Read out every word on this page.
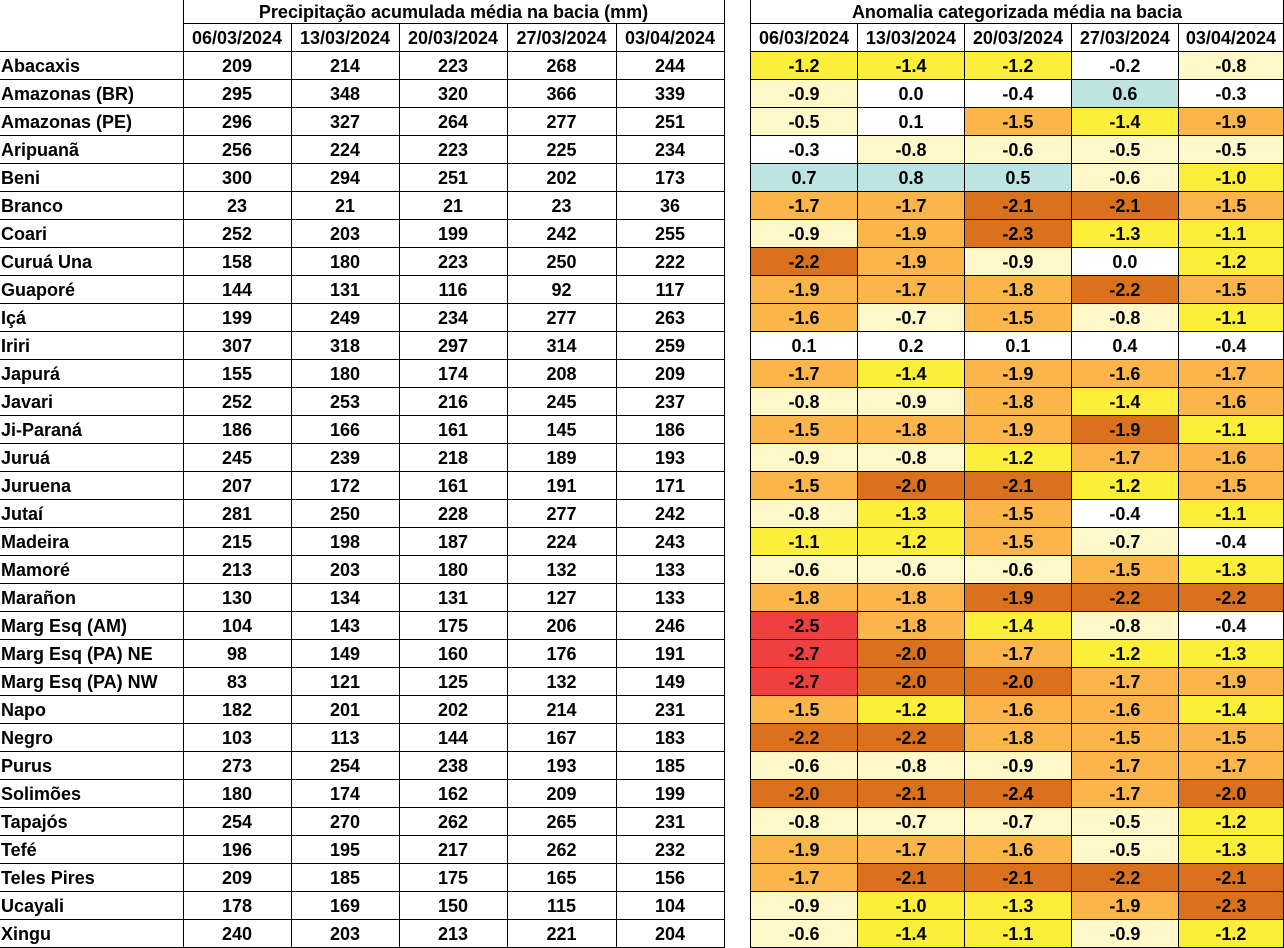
	Precipitação acumulada média na bacia (mm)				
	06/03/2024	13/03/2024	20/03/2024	27/03/2024	03/04/2024
Abacaxis	209	214	223	268	244
Amazonas (BR)	295	348	320	366	339
Amazonas (PE)	296	327	264	277	251
Aripuanã	256	224	223	225	234
Beni	300	294	251	202	173
Branco	23	21	21	23	36
Coari	252	203	199	242	255
Curuá Una	158	180	223	250	222
Guaporé	144	131	116	92	117
Içá	199	249	234	277	263
Iriri	307	318	297	314	259
Japurá	155	180	174	208	209
Javari	252	253	216	245	237
Ji-Paraná	186	166	161	145	186
Juruá	245	239	218	189	193
Juruena	207	172	161	191	171
Jutaí	281	250	228	277	242
Madeira	215	198	187	224	243
Mamoré	213	203	180	132	133
Marañon	130	134	131	127	133
Marg Esq (AM)	104	143	175	206	246
Marg Esq (PA) NE	98	149	160	176	191
Marg Esq (PA) NW	83	121	125	132	149
Napo	182	201	202	214	231
Negro	103	113	144	167	183
Purus	273	254	238	193	185
Solimões	180	174	162	209	199
Tapajós	254	270	262	265	231
Tefé	196	195	217	262	232
Teles Pires	209	185	175	165	156
Ucayali	178	169	150	115	104
Xingu	240	203	213	221	204
Anomalia categorizada média na bacia				
06/03/2024	13/03/2024	20/03/2024	27/03/2024	03/04/2024
-1.2	-1.4	-1.2	-0.2	-0.8
-0.9	0.0	-0.4	0.6	-0.3
-0.5	0.1	-1.5	-1.4	-1.9
-0.3	-0.8	-0.6	-0.5	-0.5
0.7	0.8	0.5	-0.6	-1.0
-1.7	-1.7	-2.1	-2.1	-1.5
-0.9	-1.9	-2.3	-1.3	-1.1
-2.2	-1.9	-0.9	0.0	-1.2
-1.9	-1.7	-1.8	-2.2	-1.5
-1.6	-0.7	-1.5	-0.8	-1.1
0.1	0.2	0.1	0.4	-0.4
-1.7	-1.4	-1.9	-1.6	-1.7
-0.8	-0.9	-1.8	-1.4	-1.6
-1.5	-1.8	-1.9	-1.9	-1.1
-0.9	-0.8	-1.2	-1.7	-1.6
-1.5	-2.0	-2.1	-1.2	-1.5
-0.8	-1.3	-1.5	-0.4	-1.1
-1.1	-1.2	-1.5	-0.7	-0.4
-0.6	-0.6	-0.6	-1.5	-1.3
-1.8	-1.8	-1.9	-2.2	-2.2
-2.5	-1.8	-1.4	-0.8	-0.4
-2.7	-2.0	-1.7	-1.2	-1.3
-2.7	-2.0	-2.0	-1.7	-1.9
-1.5	-1.2	-1.6	-1.6	-1.4
-2.2	-2.2	-1.8	-1.5	-1.5
-0.6	-0.8	-0.9	-1.7	-1.7
-2.0	-2.1	-2.4	-1.7	-2.0
-0.8	-0.7	-0.7	-0.5	-1.2
-1.9	-1.7	-1.6	-0.5	-1.3
-1.7	-2.1	-2.1	-2.2	-2.1
-0.9	-1.0	-1.3	-1.9	-2.3
-0.6	-1.4	-1.1	-0.9	-1.2
